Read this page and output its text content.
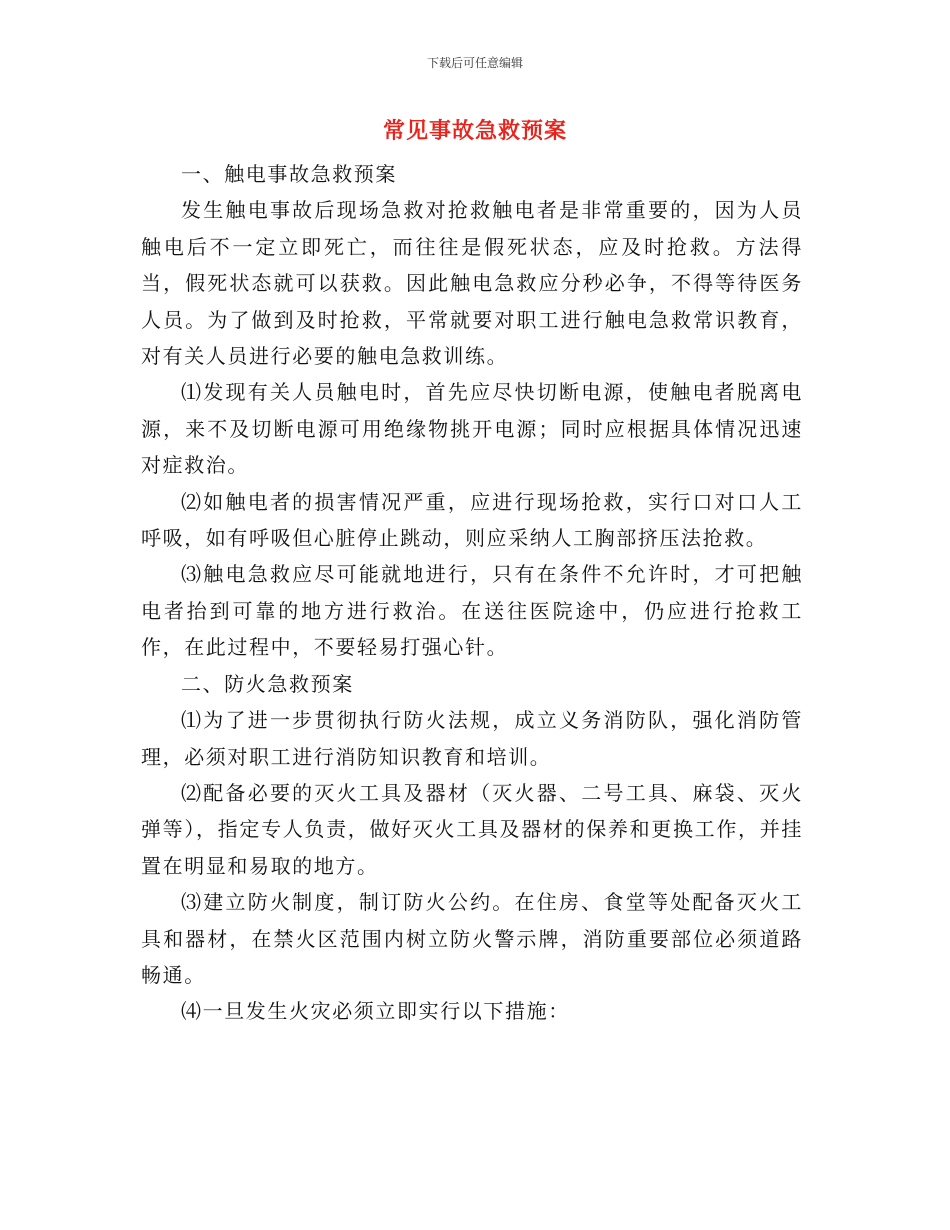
下载后可任意编辑
常见事故急救预案

一、触电事故急救预案

发生触电事故后现场急救对抢救触电者是非常重要的，因为人员触电后不一定立即死亡，而往往是假死状态，应及时抢救。方法得当，假死状态就可以获救。因此触电急救应分秒必争，不得等待医务人员。为了做到及时抢救，平常就要对职工进行触电急救常识教育，对有关人员进行必要的触电急救训练。

⑴发现有关人员触电时，首先应尽快切断电源，使触电者脱离电源，来不及切断电源可用绝缘物挑开电源；同时应根据具体情况迅速对症救治。

⑵如触电者的损害情况严重，应进行现场抢救，实行口对口人工呼吸，如有呼吸但心脏停止跳动，则应采纳人工胸部挤压法抢救。

⑶触电急救应尽可能就地进行，只有在条件不允许时，才可把触电者抬到可靠的地方进行救治。在送往医院途中，仍应进行抢救工作，在此过程中，不要轻易打强心针。

二、防火急救预案

⑴为了进一步贯彻执行防火法规，成立义务消防队，强化消防管理，必须对职工进行消防知识教育和培训。

⑵配备必要的灭火工具及器材（灭火器、二号工具、麻袋、灭火弹等），指定专人负责，做好灭火工具及器材的保养和更换工作，并挂置在明显和易取的地方。

⑶建立防火制度，制订防火公约。在住房、食堂等处配备灭火工具和器材，在禁火区范围内树立防火警示牌，消防重要部位必须道路畅通。

⑷一旦发生火灾必须立即实行以下措施：
